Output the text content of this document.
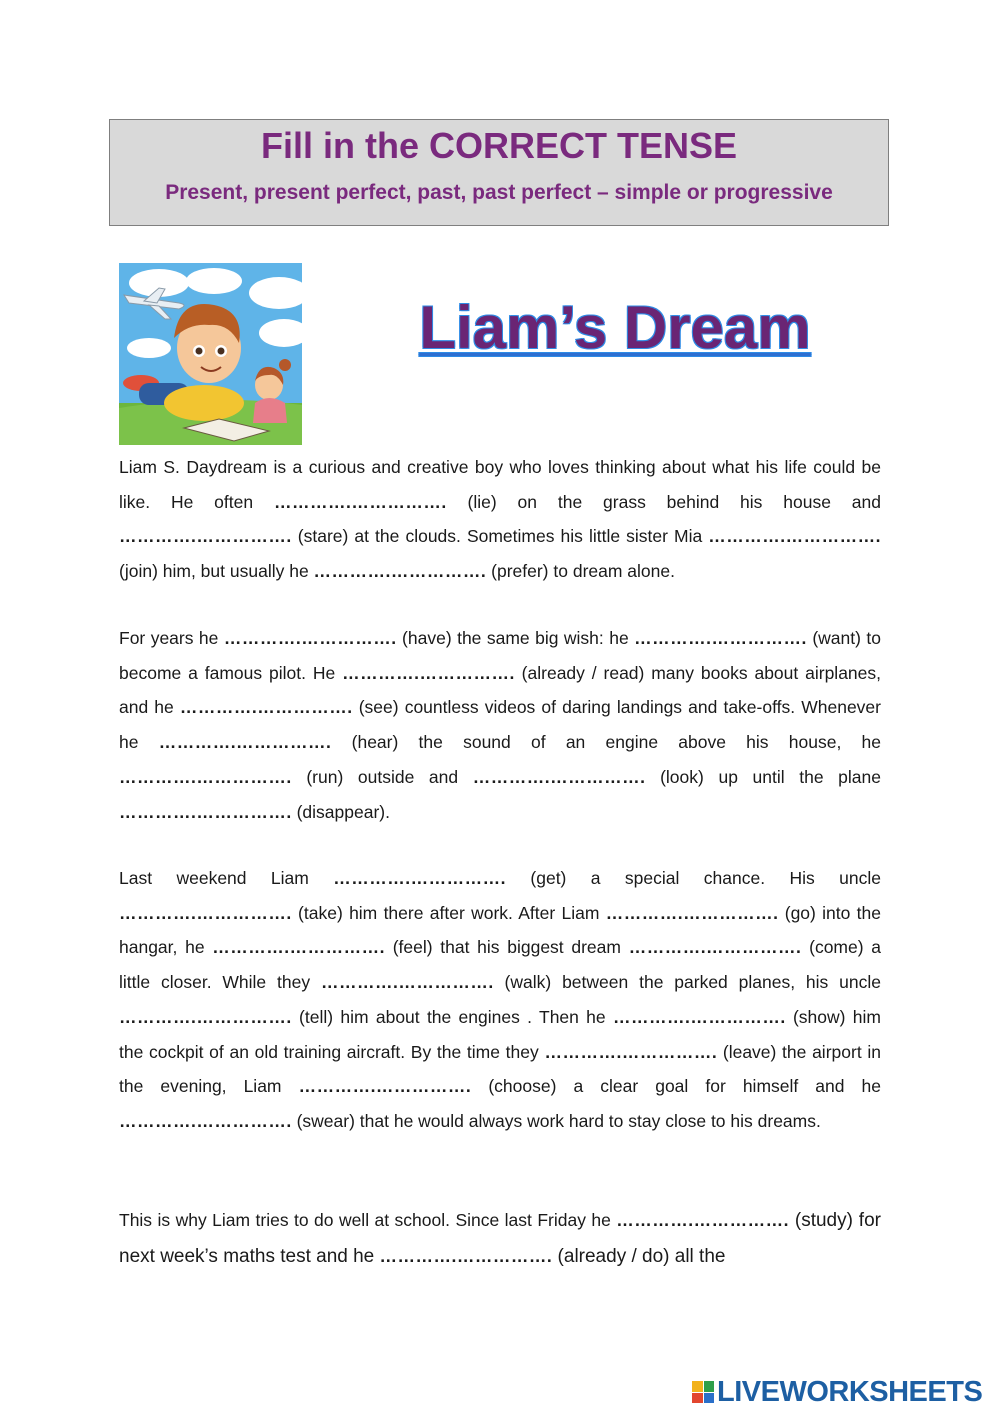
Fill in the CORRECT TENSE
Present, present perfect, past, past perfect – simple or progressive
Liam’s Dream

Liam S. Daydream is a curious and creative boy who loves thinking about what his life could be like. He often ………….……………. (lie) on the grass behind his house and ………….……………. (stare) at the clouds. Sometimes his little sister Mia ………….……………. (join) him, but usually he ………….……………. (prefer) to dream alone.

For years he ………….……………. (have) the same big wish: he ………….……………. (want) to become a famous pilot. He ………….……………. (already / read) many books about airplanes, and he ………….……………. (see) countless videos of daring landings and take-offs. Whenever he ………….……………. (hear) the sound of an engine above his house, he ………….……………. (run) outside and ………….……………. (look) up until the plane ………….……………. (disappear).

Last weekend Liam ………….……………. (get) a special chance. His uncle ………….……………. (take) him there after work. After Liam ………….……………. (go) into the hangar, he ………….……………. (feel) that his biggest dream ………….……………. (come) a little closer. While they ………….……………. (walk) between the parked planes, his uncle ………….……………. (tell) him about the engines . Then he ………….……………. (show) him the cockpit of an old training aircraft. By the time they ………….……………. (leave) the airport in the evening, Liam ………….……………. (choose) a clear goal for himself and he ………….……………. (swear) that he would always work hard to stay close to his dreams.

This is why Liam tries to do well at school. Since last Friday he ………….……………. (study) for next week’s maths test and he ………….……………. (already / do) all the

LIVEWORKSHEETS
